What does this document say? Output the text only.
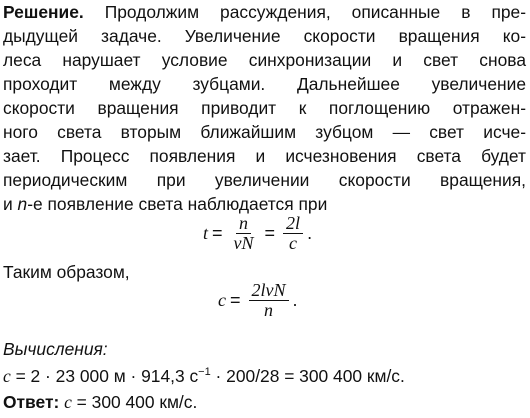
Решение. Продолжим рассуждения, описанные в пре-
дыдущей задаче. Увеличение скорости вращения ко-
леса нарушает условие синхронизации и свет снова
проходит между зубцами. Дальнейшее увеличение
скорости вращения приводит к поглощению отражен-
ного света вторым ближайшим зубцом — свет исче-
зает. Процесс появления и исчезновения света будет
периодическим при увеличении скорости вращения,
и n-е появление света наблюдается при
$t = \frac{n}{\nu N} = \frac{2l}{c}$ .
Таким образом,
$c = \frac{\text{2lνN}}{n}$ .
Вычисления:
c = 2 · 23 000 м · 914,3 $с^{-1} \cdot 200/28 = 300$ 400 км/с.
Ответ: c = 300 400 км/с.
